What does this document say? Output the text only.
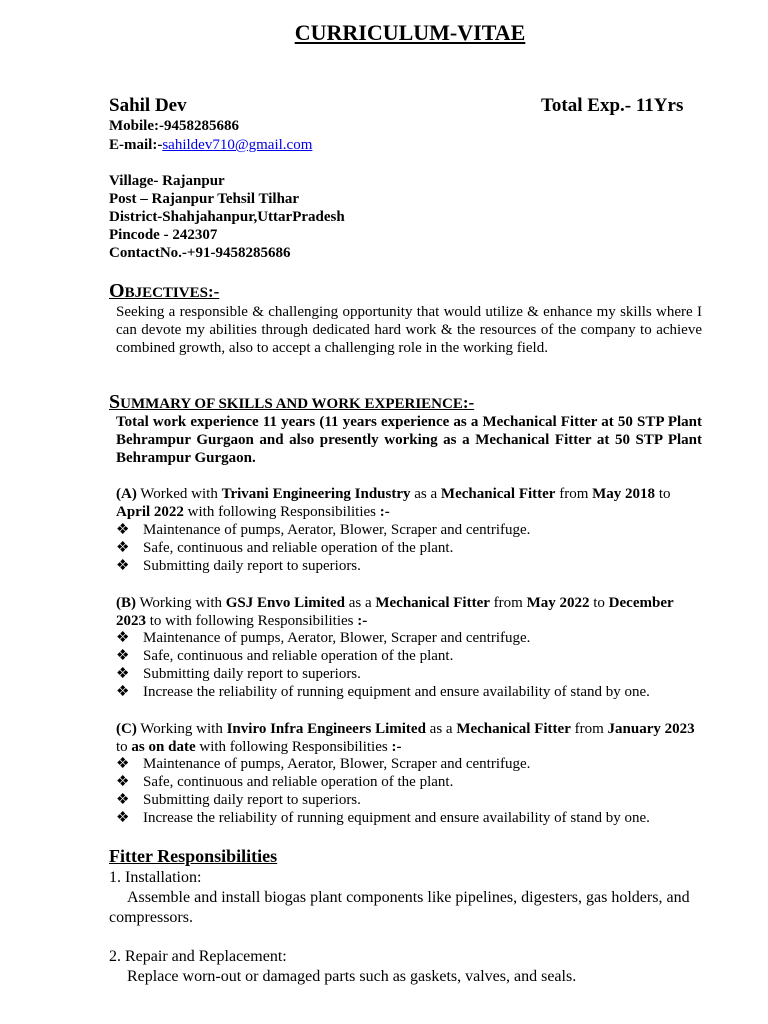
CURRICULUM-VITAE
Sahil Dev	Total Exp.- 11Yrs
Mobile:-9458285686
E-mail:-sahildev710@gmail.com
Village- Rajanpur
Post – Rajanpur Tehsil Tilhar
District-Shahjahanpur,UttarPradesh
Pincode - 242307
ContactNo.-+91-9458285686
OBJECTIVES:-
Seeking a responsible & challenging opportunity that would utilize & enhance my skills where I can devote my abilities through dedicated hard work & the resources of the company to achieve combined growth, also to accept a challenging role in the working field.
SUMMARY OF SKILLS AND WORK EXPERIENCE:-
Total work experience 11 years (11 years experience as a Mechanical Fitter at 50 STP Plant Behrampur Gurgaon and also presently working as a Mechanical Fitter at 50 STP Plant Behrampur Gurgaon.
(A) Worked with Trivani Engineering Industry as a Mechanical Fitter from May 2018 to April 2022 with following Responsibilities :-
❖ Maintenance of pumps, Aerator, Blower, Scraper and centrifuge.
❖ Safe, continuous and reliable operation of the plant.
❖ Submitting daily report to superiors.
(B) Working with GSJ Envo Limited as a Mechanical Fitter from May 2022 to December 2023 to with following Responsibilities :-
❖ Maintenance of pumps, Aerator, Blower, Scraper and centrifuge.
❖ Safe, continuous and reliable operation of the plant.
❖ Submitting daily report to superiors.
❖ Increase the reliability of running equipment and ensure availability of stand by one.
(C) Working with Inviro Infra Engineers Limited as a Mechanical Fitter from January 2023 to as on date with following Responsibilities :-
❖ Maintenance of pumps, Aerator, Blower, Scraper and centrifuge.
❖ Safe, continuous and reliable operation of the plant.
❖ Submitting daily report to superiors.
❖ Increase the reliability of running equipment and ensure availability of stand by one.
Fitter Responsibilities
1. Installation:
Assemble and install biogas plant components like pipelines, digesters, gas holders, and compressors.
2. Repair and Replacement:
Replace worn-out or damaged parts such as gaskets, valves, and seals.
